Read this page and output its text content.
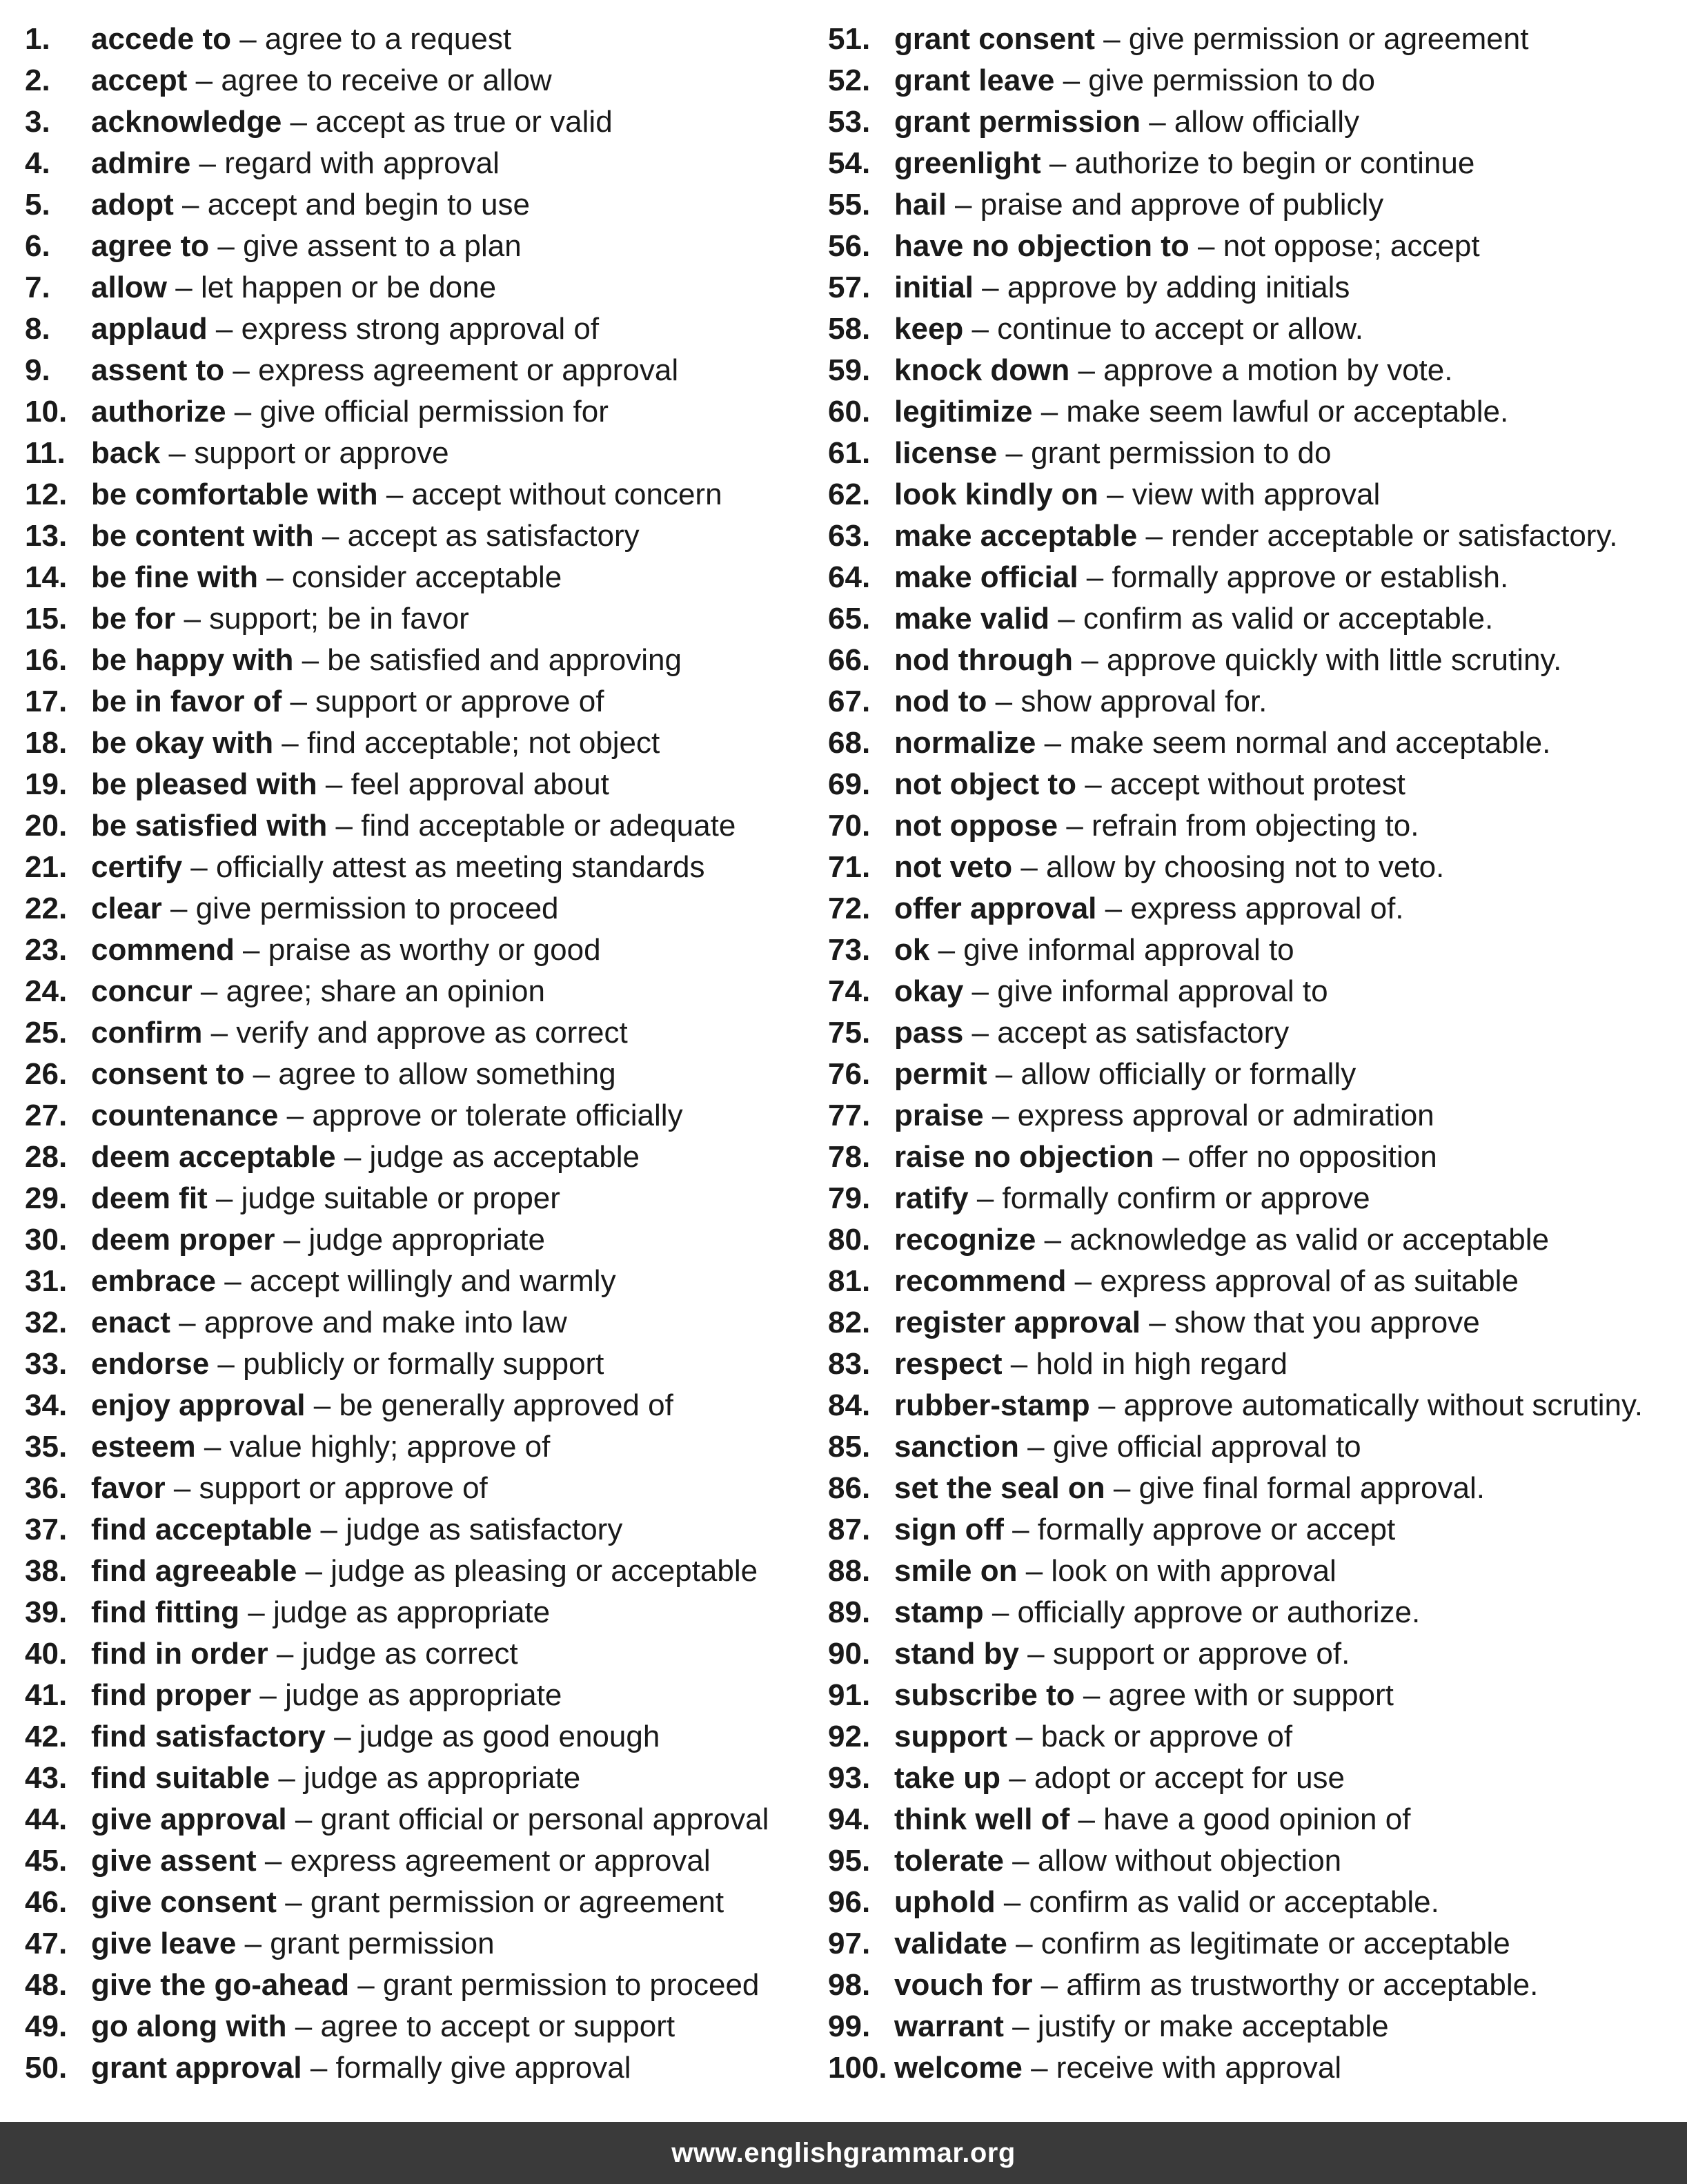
1.	accede to – agree to a request
2.	accept – agree to receive or allow
3.	acknowledge – accept as true or valid
4.	admire – regard with approval
5.	adopt – accept and begin to use
6.	agree to – give assent to a plan
7.	allow – let happen or be done
8.	applaud – express strong approval of
9.	assent to – express agreement or approval
10. authorize – give official permission for
11. back – support or approve
12. be comfortable with – accept without concern
13. be content with – accept as satisfactory
14. be fine with – consider acceptable
15. be for – support; be in favor
16. be happy with – be satisfied and approving
17. be in favor of – support or approve of
18. be okay with – find acceptable; not object
19. be pleased with – feel approval about
20. be satisfied with – find acceptable or adequate
21. certify – officially attest as meeting standards
22. clear – give permission to proceed
23. commend – praise as worthy or good
24. concur – agree; share an opinion
25. confirm – verify and approve as correct
26. consent to – agree to allow something
27. countenance – approve or tolerate officially
28. deem acceptable – judge as acceptable
29. deem fit – judge suitable or proper
30. deem proper – judge appropriate
31. embrace – accept willingly and warmly
32. enact – approve and make into law
33. endorse – publicly or formally support
34. enjoy approval – be generally approved of
35. esteem – value highly; approve of
36. favor – support or approve of
37. find acceptable – judge as satisfactory
38. find agreeable – judge as pleasing or acceptable
39. find fitting – judge as appropriate
40. find in order – judge as correct
41. find proper – judge as appropriate
42. find satisfactory – judge as good enough
43. find suitable – judge as appropriate
44. give approval – grant official or personal approval
45. give assent – express agreement or approval
46. give consent – grant permission or agreement
47. give leave – grant permission
48. give the go-ahead – grant permission to proceed
49. go along with – agree to accept or support
50. grant approval – formally give approval
51. grant consent – give permission or agreement
52. grant leave – give permission to do
53. grant permission – allow officially
54. greenlight – authorize to begin or continue
55. hail – praise and approve of publicly
56. have no objection to – not oppose; accept
57. initial – approve by adding initials
58. keep – continue to accept or allow.
59. knock down – approve a motion by vote.
60. legitimize – make seem lawful or acceptable.
61. license – grant permission to do
62. look kindly on – view with approval
63. make acceptable – render acceptable or satisfactory.
64. make official – formally approve or establish.
65. make valid – confirm as valid or acceptable.
66. nod through – approve quickly with little scrutiny.
67. nod to – show approval for.
68. normalize – make seem normal and acceptable.
69. not object to – accept without protest
70. not oppose – refrain from objecting to.
71. not veto – allow by choosing not to veto.
72. offer approval – express approval of.
73. ok – give informal approval to
74. okay – give informal approval to
75. pass – accept as satisfactory
76. permit – allow officially or formally
77. praise – express approval or admiration
78. raise no objection – offer no opposition
79. ratify – formally confirm or approve
80. recognize – acknowledge as valid or acceptable
81. recommend – express approval of as suitable
82. register approval – show that you approve
83. respect – hold in high regard
84. rubber-stamp – approve automatically without scrutiny.
85. sanction – give official approval to
86. set the seal on – give final formal approval.
87. sign off – formally approve or accept
88. smile on – look on with approval
89. stamp – officially approve or authorize.
90. stand by – support or approve of.
91. subscribe to – agree with or support
92. support – back or approve of
93. take up – adopt or accept for use
94. think well of – have a good opinion of
95. tolerate – allow without objection
96. uphold – confirm as valid or acceptable.
97. validate – confirm as legitimate or acceptable
98. vouch for – affirm as trustworthy or acceptable.
99. warrant – justify or make acceptable
100. welcome – receive with approval
www.englishgrammar.org
